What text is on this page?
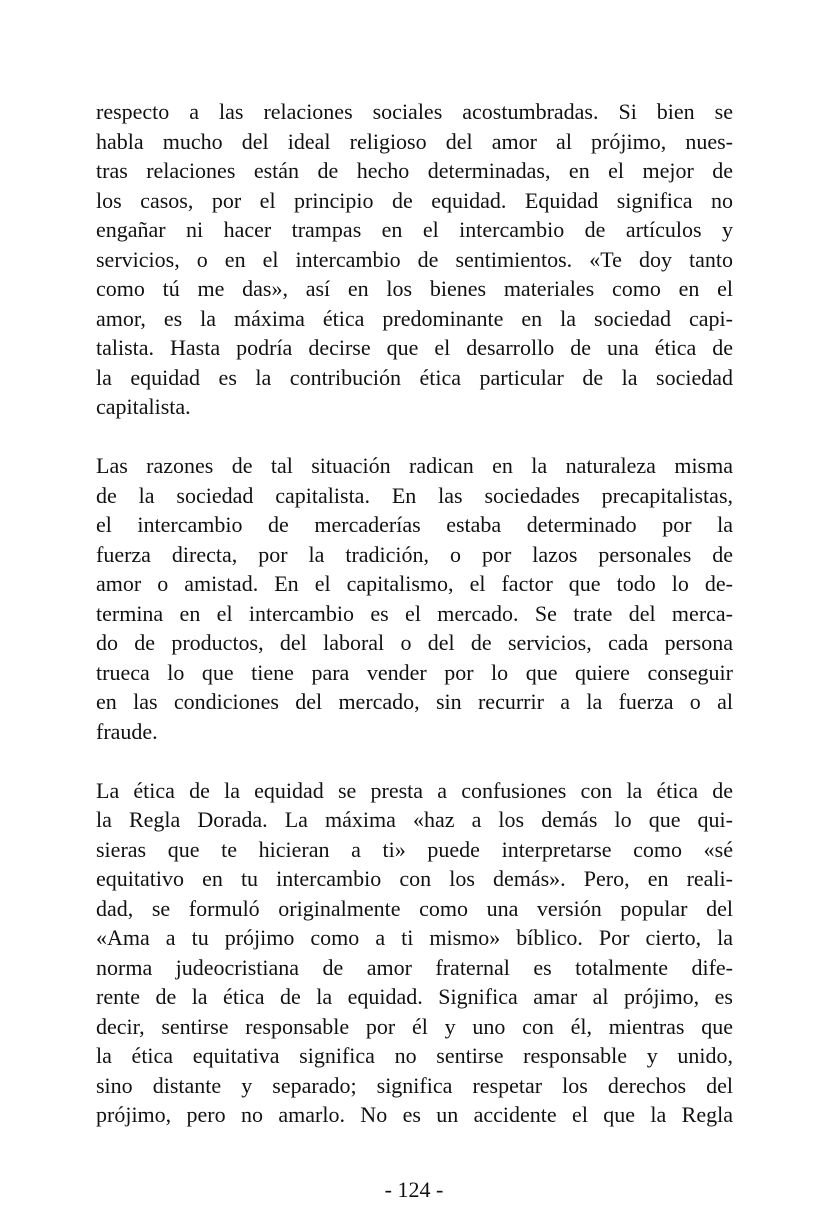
respecto a las relaciones sociales acostumbradas. Si bien se
habla mucho del ideal religioso del amor al prójimo, nues-
tras relaciones están de hecho determinadas, en el mejor de
los casos, por el principio de equidad. Equidad significa no
engañar ni hacer trampas en el intercambio de artículos y
servicios, o en el intercambio de sentimientos. «Te doy tanto
como tú me das», así en los bienes materiales como en el
amor, es la máxima ética predominante en la sociedad capi-
talista. Hasta podría decirse que el desarrollo de una ética de
la equidad es la contribución ética particular de la sociedad
capitalista.
Las razones de tal situación radican en la naturaleza misma
de la sociedad capitalista. En las sociedades precapitalistas,
el intercambio de mercaderías estaba determinado por la
fuerza directa, por la tradición, o por lazos personales de
amor o amistad. En el capitalismo, el factor que todo lo de-
termina en el intercambio es el mercado. Se trate del merca-
do de productos, del laboral o del de servicios, cada persona
trueca lo que tiene para vender por lo que quiere conseguir
en las condiciones del mercado, sin recurrir a la fuerza o al
fraude.
La ética de la equidad se presta a confusiones con la ética de
la Regla Dorada. La máxima «haz a los demás lo que qui-
sieras que te hicieran a ti» puede interpretarse como «sé
equitativo en tu intercambio con los demás». Pero, en reali-
dad, se formuló originalmente como una versión popular del
«Ama a tu prójimo como a ti mismo» bíblico. Por cierto, la
norma judeocristiana de amor fraternal es totalmente dife-
rente de la ética de la equidad. Significa amar al prójimo, es
decir, sentirse responsable por él y uno con él, mientras que
la ética equitativa significa no sentirse responsable y unido,
sino distante y separado; significa respetar los derechos del
prójimo, pero no amarlo. No es un accidente el que la Regla
- 124 -
